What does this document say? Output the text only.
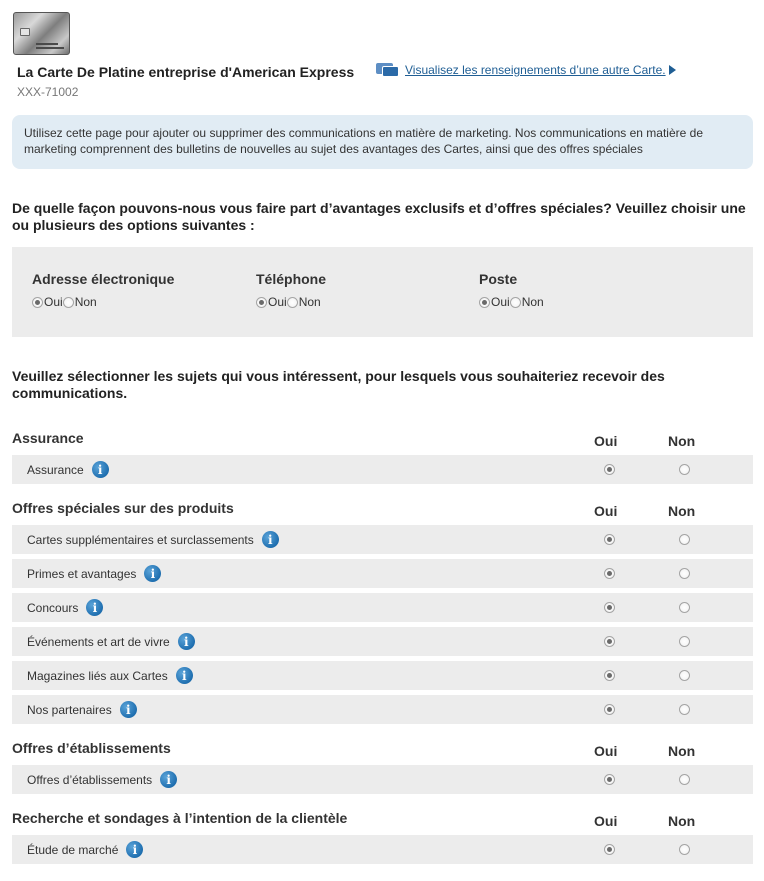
La Carte De Platine entreprise d'American Express
XXX-71002
Visualisez les renseignements d’une autre Carte.
Utilisez cette page pour ajouter ou supprimer des communications en matière de marketing. Nos communications en matière de marketing comprennent des bulletins de nouvelles au sujet des avantages des Cartes, ainsi que des offres spéciales
De quelle façon pouvons-nous vous faire part d’avantages exclusifs et d’offres spéciales? Veuillez choisir une ou plusieurs des options suivantes :
Adresse électronique
Oui Non
Téléphone
Oui Non
Poste
Oui Non
Veuillez sélectionner les sujets qui vous intéressent, pour lesquels vous souhaiteriez recevoir des communications.
Assurance	Oui	Non
Assurance	i
Offres spéciales sur des produits	Oui	Non
Cartes supplémentaires et surclassements	i
Primes et avantages	i
Concours	i
Événements et art de vivre	i
Magazines liés aux Cartes	i
Nos partenaires	i
Offres d’établissements	Oui	Non
Offres d’établissements	i
Recherche et sondages à l’intention de la clientèle	Oui	Non
Étude de marché	i
